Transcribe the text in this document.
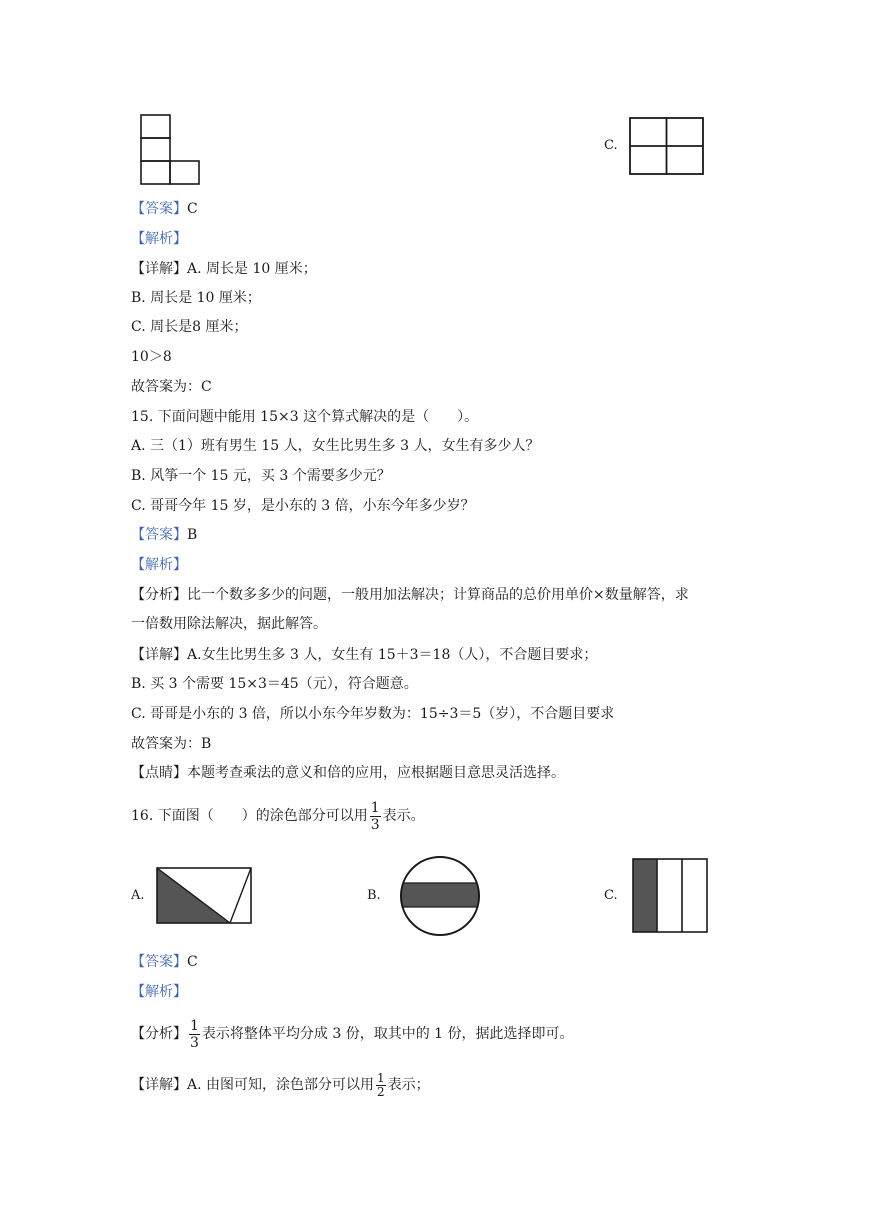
C.
【答案】C
【解析】
【详解】A. 周长是 10 厘米；
B. 周长是 10 厘米；
C. 周长是8 厘米；
10＞8
故答案为：C
15. 下面问题中能用 15×3 这个算式解决的是（　　）。
A. 三（1）班有男生 15 人，女生比男生多 3 人，女生有多少人？
B. 风筝一个 15 元，买 3 个需要多少元？
C. 哥哥今年 15 岁，是小东的 3 倍，小东今年多少岁？
【答案】B
【解析】
【分析】比一个数多多少的问题，一般用加法解决；计算商品的总价用单价×数量解答，求
一倍数用除法解决，据此解答。
【详解】A.女生比男生多 3 人，女生有 15＋3＝18（人），不合题目要求；
B. 买 3 个需要 15×3＝45（元），符合题意。
C. 哥哥是小东的 3 倍，所以小东今年岁数为：15÷3＝5（岁），不合题目要求
故答案为：B
【点睛】本题考查乘法的意义和倍的应用，应根据题目意思灵活选择。
16. 下面图（　　）的涂色部分可以用 $\frac{1}{3}$ 表示。
A.	B.	C.
【答案】C
【解析】
【分析】 $\frac{1}{3}$ 表示将整体平均分成 3 份，取其中的 1 份，据此选择即可。
【详解】A. 由图可知，涂色部分可以用 $\frac{1}{2}$ 表示；
